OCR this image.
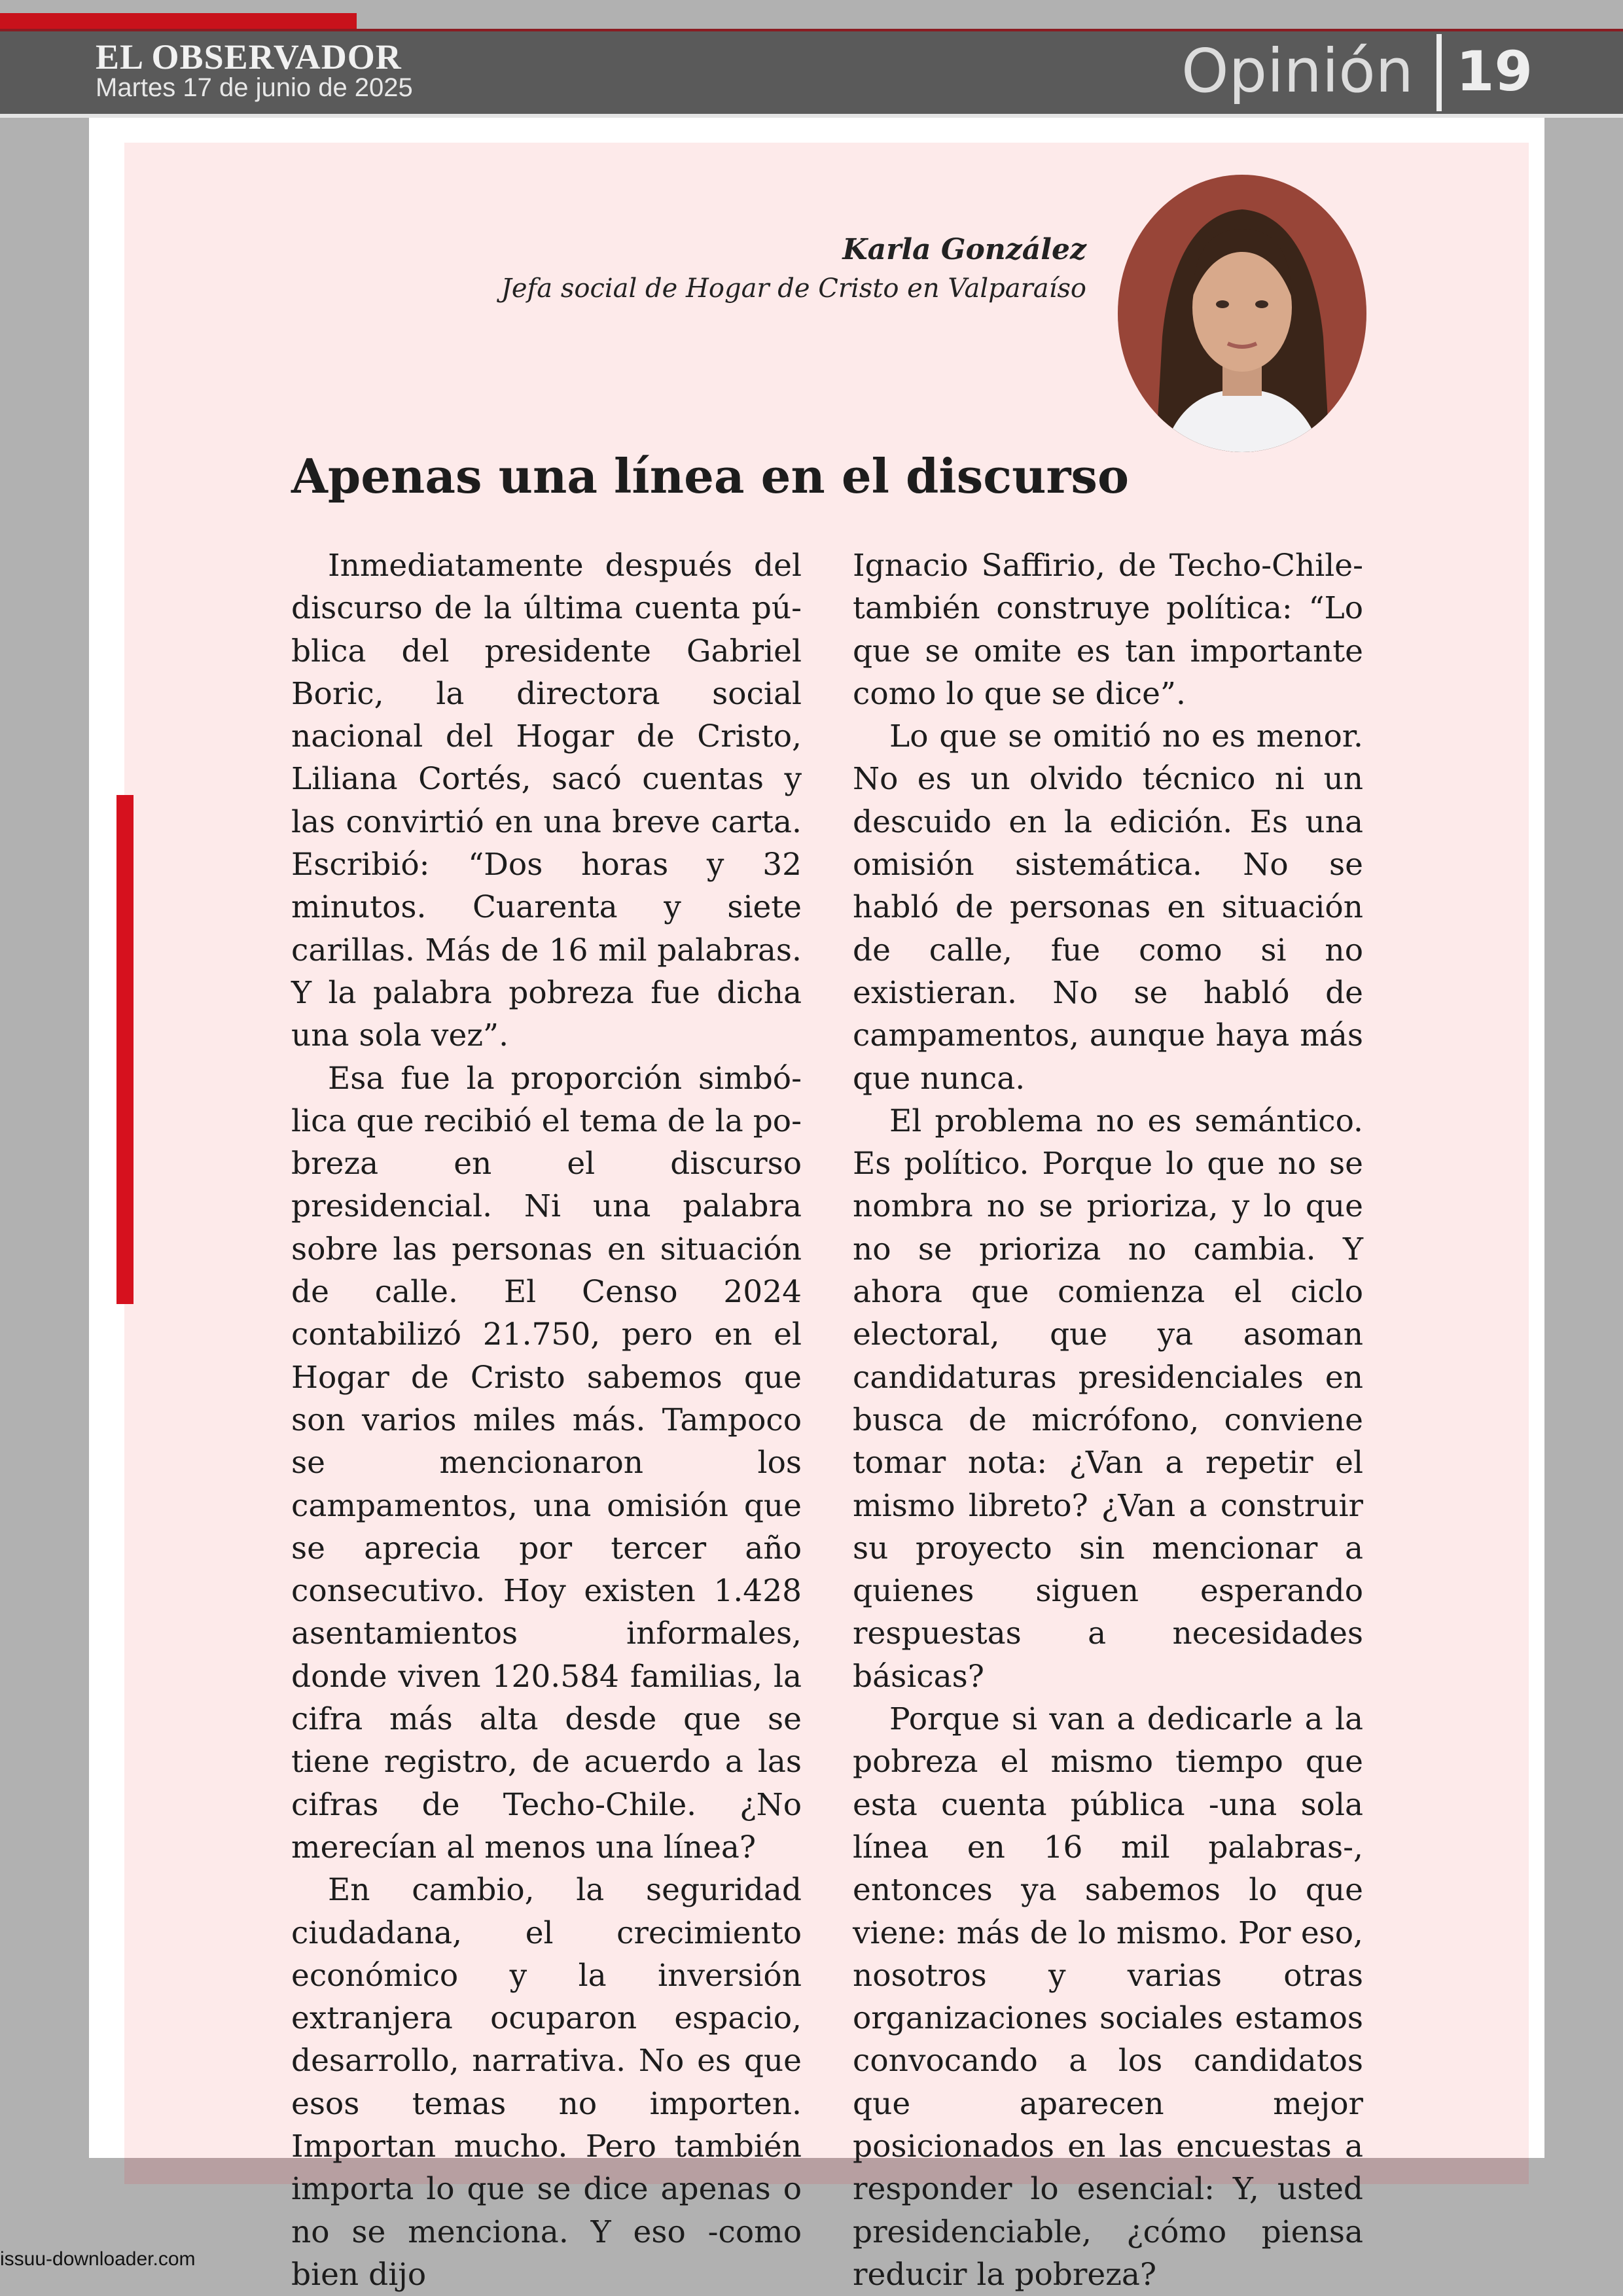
EL OBSERVADOR
Martes 17 de junio de 2025	Opinión 19
Karla González
Jefa social de Hogar de Cristo en Valparaíso
Apenas una línea en el discurso

Inmediatamente después del discurso de la última cuenta pública del presidente Gabriel Boric, la directora social nacional del Hogar de Cristo, Liliana Cortés, sacó cuentas y las convirtió en una breve carta. Escribió: “Dos horas y 32 minutos. Cuarenta y siete carillas. Más de 16 mil palabras. Y la palabra pobreza fue dicha una sola vez”.

Esa fue la proporción simbólica que recibió el tema de la pobreza en el discurso presidencial. Ni una palabra sobre las personas en situación de calle. El Censo 2024 contabilizó 21.750, pero en el Hogar de Cristo sabemos que son varios miles más. Tampoco se mencionaron los campamentos, una omisión que se aprecia por tercer año consecutivo. Hoy existen 1.428 asentamientos informales, donde viven 120.584 familias, la cifra más alta desde que se tiene registro, de acuerdo a las cifras de Techo-Chile. ¿No merecían al menos una línea?

En cambio, la seguridad ciudadana, el crecimiento económico y la inversión extranjera ocuparon espacio, desarrollo, narrativa. No es que esos temas no importen. Importan mucho. Pero también importa lo que se dice apenas o no se menciona. Y eso -como bien dijo

Ignacio Saffirio, de Techo-Chile- también construye política: “Lo que se omite es tan importante como lo que se dice”.

Lo que se omitió no es menor. No es un olvido técnico ni un descuido en la edición. Es una omisión sistemática. No se habló de personas en situación de calle, fue como si no existieran. No se habló de campamentos, aunque haya más que nunca.

El problema no es semántico. Es político. Porque lo que no se nombra no se prioriza, y lo que no se prioriza no cambia. Y ahora que comienza el ciclo electoral, que ya asoman candidaturas presidenciales en busca de micrófono, conviene tomar nota: ¿Van a repetir el mismo libreto? ¿Van a construir su proyecto sin mencionar a quienes siguen esperando respuestas a necesidades básicas?

Porque si van a dedicarle a la pobreza el mismo tiempo que esta cuenta pública -una sola línea en 16 mil palabras-, entonces ya sabemos lo que viene: más de lo mismo. Por eso, nosotros y varias otras organizaciones sociales estamos convocando a los candidatos que aparecen mejor posicionados en las encuestas a responder lo esencial: Y, usted presidenciable, ¿cómo piensa reducir la pobreza?

issuu-downloader.com
